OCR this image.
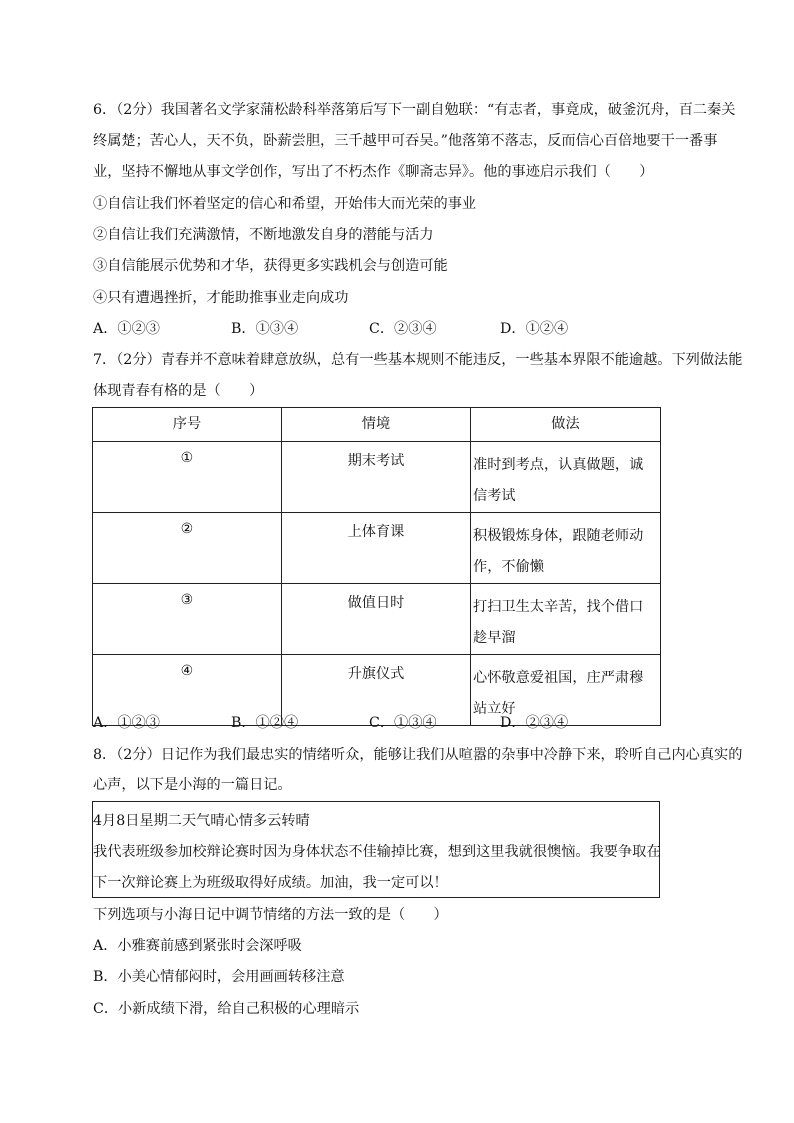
6．（2分）我国著名文学家蒲松龄科举落第后写下一副自勉联：“有志者，事竟成，破釜沉舟，百二秦关
终属楚；苦心人，天不负，卧薪尝胆，三千越甲可吞吴。”他落第不落志，反而信心百倍地要干一番事
业，坚持不懈地从事文学创作，写出了不朽杰作《聊斋志异》。他的事迹启示我们（　　）
①自信让我们怀着坚定的信心和希望，开始伟大而光荣的事业
②自信让我们充满激情，不断地激发自身的潜能与活力
③自信能展示优势和才华，获得更多实践机会与创造可能
④只有遭遇挫折，才能助推事业走向成功
A．①②③	B．①③④	C．②③④	D．①②④
7．（2分）青春并不意味着肆意放纵，总有一些基本规则不能违反，一些基本界限不能逾越。下列做法能
体现青春有格的是（　　）
序号	情境	做法
①	期末考试	准时到考点，认真做题，诚信考试
②	上体育课	积极锻炼身体，跟随老师动作，不偷懒
③	做值日时	打扫卫生太辛苦，找个借口趁早溜
④	升旗仪式	心怀敬意爱祖国，庄严肃穆站立好
A．①②③	B．①②④	C．①③④	D．②③④
8．（2分）日记作为我们最忠实的情绪听众，能够让我们从喧嚣的杂事中冷静下来，聆听自己内心真实的
心声，以下是小海的一篇日记。
4月8日星期二天气晴心情多云转晴
我代表班级参加校辩论赛时因为身体状态不佳输掉比赛，想到这里我就很懊恼。我要争取在
下一次辩论赛上为班级取得好成绩。加油，我一定可以！
下列选项与小海日记中调节情绪的方法一致的是（　　）
A．小雅赛前感到紧张时会深呼吸
B．小美心情郁闷时，会用画画转移注意
C．小新成绩下滑，给自己积极的心理暗示
